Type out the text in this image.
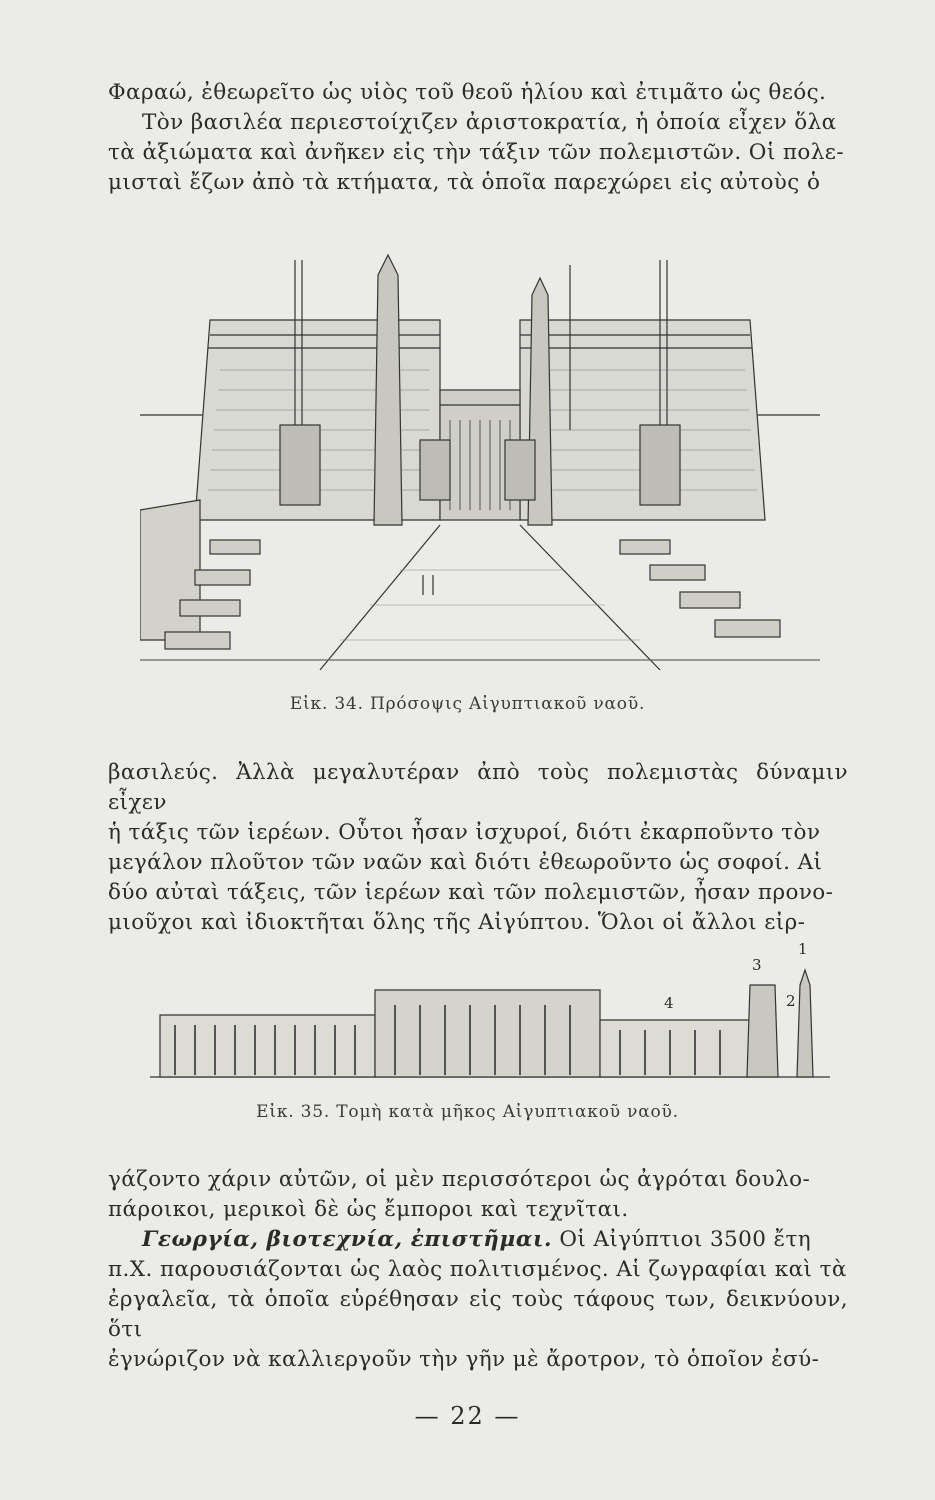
Φαραώ, ἐθεωρεῖτο ὡς υἱὸς τοῦ θεοῦ ἡλίου καὶ ἐτιμᾶτο ὡς θεός.

Τὸν βασιλέα περιεστοίχιζεν ἀριστοκρατία, ἡ ὁποία εἶχεν ὅλα

τὰ ἀξιώματα καὶ ἀνῆκεν εἰς τὴν τάξιν τῶν πολεμιστῶν. Οἱ πολε-

μισταὶ ἔζων ἀπὸ τὰ κτήματα, τὰ ὁποῖα παρεχώρει εἰς αὐτοὺς ὁ

Εἰκ. 34. Πρόσοψις Αἰγυπτιακοῦ ναοῦ.

βασιλεύς. Ἀλλὰ μεγαλυτέραν ἀπὸ τοὺς πολεμιστὰς δύναμιν εἶχεν

ἡ τάξις τῶν ἱερέων. Οὗτοι ἦσαν ἰσχυροί, διότι ἐκαρποῦντο τὸν

μεγάλον πλοῦτον τῶν ναῶν καὶ διότι ἐθεωροῦντο ὡς σοφοί. Αἱ

δύο αὐταὶ τάξεις, τῶν ἱερέων καὶ τῶν πολεμιστῶν, ἦσαν προνο-

μιοῦχοι καὶ ἰδιοκτῆται ὅλης τῆς Αἰγύπτου. Ὅλοι οἱ ἄλλοι εἰρ-

1
2
3
4
Εἰκ. 35. Τομὴ κατὰ μῆκος Αἰγυπτιακοῦ ναοῦ.

γάζοντο χάριν αὐτῶν, οἱ μὲν περισσότεροι ὡς ἀγρόται δουλο-

πάροικοι, μερικοὶ δὲ ὡς ἔμποροι καὶ τεχνῖται.

Γεωργία, βιοτεχνία, ἐπιστῆμαι. Οἱ Αἰγύπτιοι 3500 ἔτη

π.Χ. παρουσιάζονται ὡς λαὸς πολιτισμένος. Αἱ ζωγραφίαι καὶ τὰ

ἐργαλεῖα, τὰ ὁποῖα εὑρέθησαν εἰς τοὺς τάφους των, δεικνύουν, ὅτι

ἐγνώριζον νὰ καλλιεργοῦν τὴν γῆν μὲ ἄροτρον, τὸ ὁποῖον ἐσύ-

— 22 —
